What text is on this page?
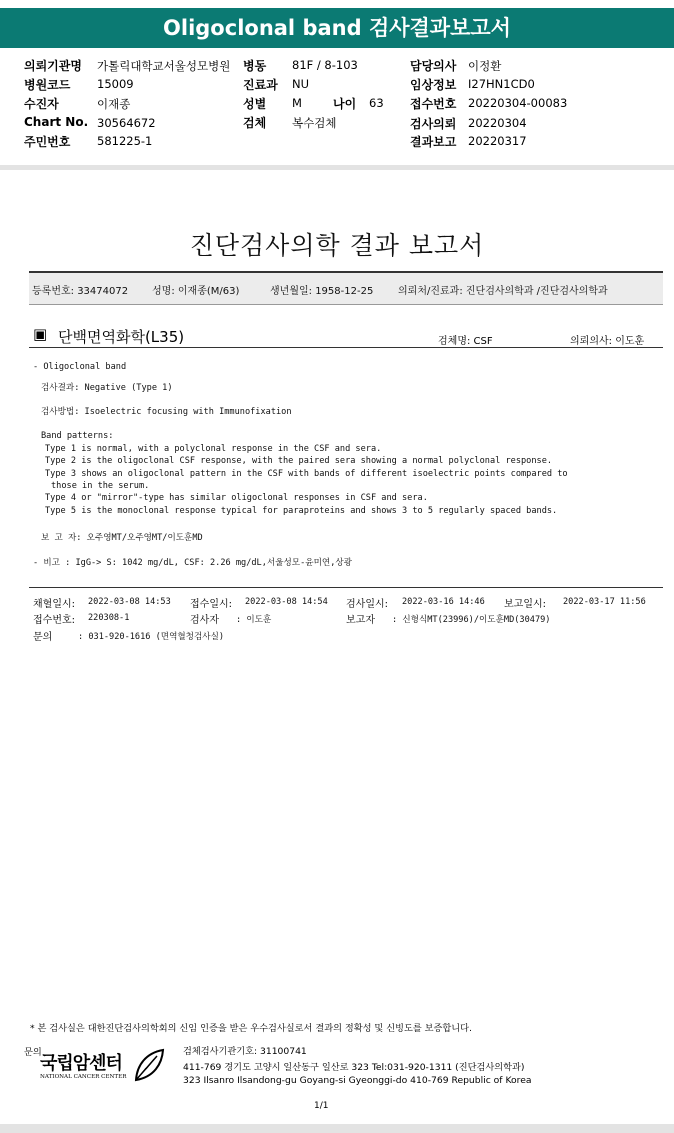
Oligoclonal band 검사결과보고서
의뢰기관명 가톨릭대학교서울성모병원 병동 81F / 8-103	담당의사 이정환
병원코드 15009	진료과 NU	임상정보 I27HN1CD0
수진자	이재종	성별 M	나이 63 접수번호 20220304-00083
Chart No. 30564672	검체 복수검체	검사의뢰 20220304
주민번호 581225-1	결과보고 20220317
진단검사의학 결과 보고서
등록번호: 33474072 성명: 이재종(M/63)	생년월일: 1958-12-25 의뢰처/진료과: 진단검사의학과 /진단검사의학과
▣ 단백면역화학(L35)	검체명: CSF	의뢰의사: 이도훈
- Oligoclonal band
검사결과: Negative (Type 1)
검사방법: Isoelectric focusing with Immunofixation
Band patterns:
Type 1 is normal, with a polyclonal response in the CSF and sera.
Type 2 is the oligoclonal CSF response, with the paired sera showing a normal polyclonal response.
Type 3 shows an oligoclonal pattern in the CSF with bands of different isoelectric points compared to
those in the serum.
Type 4 or "mirror"-type has similar oligoclonal responses in CSF and sera.
Type 5 is the monoclonal response typical for paraproteins and shows 3 to 5 regularly spaced bands.
보 고 자: 오주영MT/오주영MT/이도훈MD
- 비고 : IgG-> S: 1042 mg/dL, CSF: 2.26 mg/dL,서울성모-윤미연,상광
채혈일시: 2022-03-08 14:53 접수일시: 2022-03-08 14:54 검사일시: 2022-03-16 14:46 보고일시: 2022-03-17 11:56
접수번호: 220308-1	검사자 : 이도훈	보고자 : 신형식MT(23996)/이도훈MD(30479)
문의	: 031-920-1616 (면역혈청검사실)
* 본 검사실은 대한진단검사의학회의 신임 인증을 받은 우수검사실로서 결과의 정확성 및 신빙도를 보증합니다.
문의
국립암센터
NATIONAL CANCER CENTER
검체검사기관기호: 31100741
411-769 경기도 고양시 일산동구 일산로 323 Tel:031-920-1311 (진단검사의학과)
323 Ilsanro Ilsandong-gu Goyang-si Gyeonggi-do 410-769 Republic of Korea
1/1
